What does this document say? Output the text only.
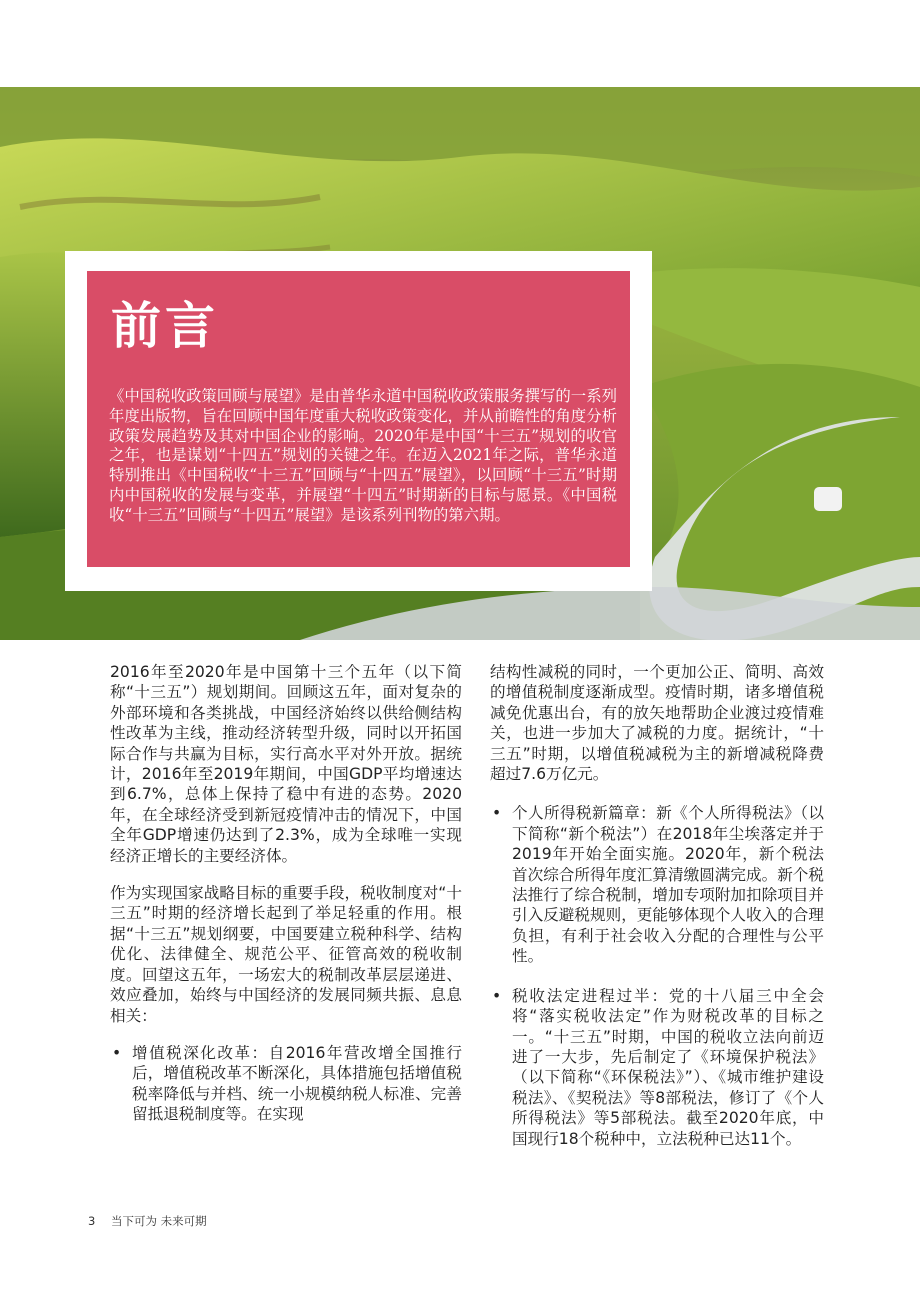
前言

《中国税收政策回顾与展望》是由普华永道中国税收政策服务撰写的一系列年度出版物，旨在回顾中国年度重大税收政策变化，并从前瞻性的角度分析政策发展趋势及其对中国企业的影响。2020年是中国“十三五”规划的收官之年，也是谋划“十四五”规划的关键之年。在迈入2021年之际，普华永道特别推出《中国税收“十三五”回顾与“十四五”展望》，以回顾“十三五”时期内中国税收的发展与变革，并展望“十四五”时期新的目标与愿景。《中国税收“十三五”回顾与“十四五”展望》是该系列刊物的第六期。

2016年至2020年是中国第十三个五年（以下简称“十三五”）规划期间。回顾这五年，面对复杂的外部环境和各类挑战，中国经济始终以供给侧结构性改革为主线，推动经济转型升级，同时以开拓国际合作与共赢为目标，实行高水平对外开放。据统计，2016年至2019年期间，中国GDP平均增速达到6.7%，总体上保持了稳中有进的态势。2020年，在全球经济受到新冠疫情冲击的情况下，中国全年GDP增速仍达到了2.3%，成为全球唯一实现经济正增长的主要经济体。

作为实现国家战略目标的重要手段，税收制度对“十三五”时期的经济增长起到了举足轻重的作用。根据“十三五”规划纲要，中国要建立税种科学、结构优化、法律健全、规范公平、征管高效的税收制度。回望这五年，一场宏大的税制改革层层递进、效应叠加，始终与中国经济的发展同频共振、息息相关：

• 增值税深化改革：自2016年营改增全国推行后，增值税改革不断深化，具体措施包括增值税税率降低与并档、统一小规模纳税人标准、完善留抵退税制度等。在实现

结构性减税的同时，一个更加公正、简明、高效的增值税制度逐渐成型。疫情时期，诸多增值税减免优惠出台，有的放矢地帮助企业渡过疫情难关，也进一步加大了减税的力度。据统计，“十三五”时期，以增值税减税为主的新增减税降费超过7.6万亿元。

• 个人所得税新篇章：新《个人所得税法》（以下简称“新个税法”）在2018年尘埃落定并于2019年开始全面实施。2020年，新个税法首次综合所得年度汇算清缴圆满完成。新个税法推行了综合税制，增加专项附加扣除项目并引入反避税规则，更能够体现个人收入的合理负担，有利于社会收入分配的合理性与公平性。
• 税收法定进程过半：党的十八届三中全会将“落实税收法定”作为财税改革的目标之一。“十三五”时期，中国的税收立法向前迈进了一大步，先后制定了《环境保护税法》（以下简称“《环保税法》”）、《城市维护建设税法》、《契税法》等8部税法，修订了《个人所得税法》等5部税法。截至2020年底，中国现行18个税种中，立法税种已达11个。
3 当下可为 未来可期
